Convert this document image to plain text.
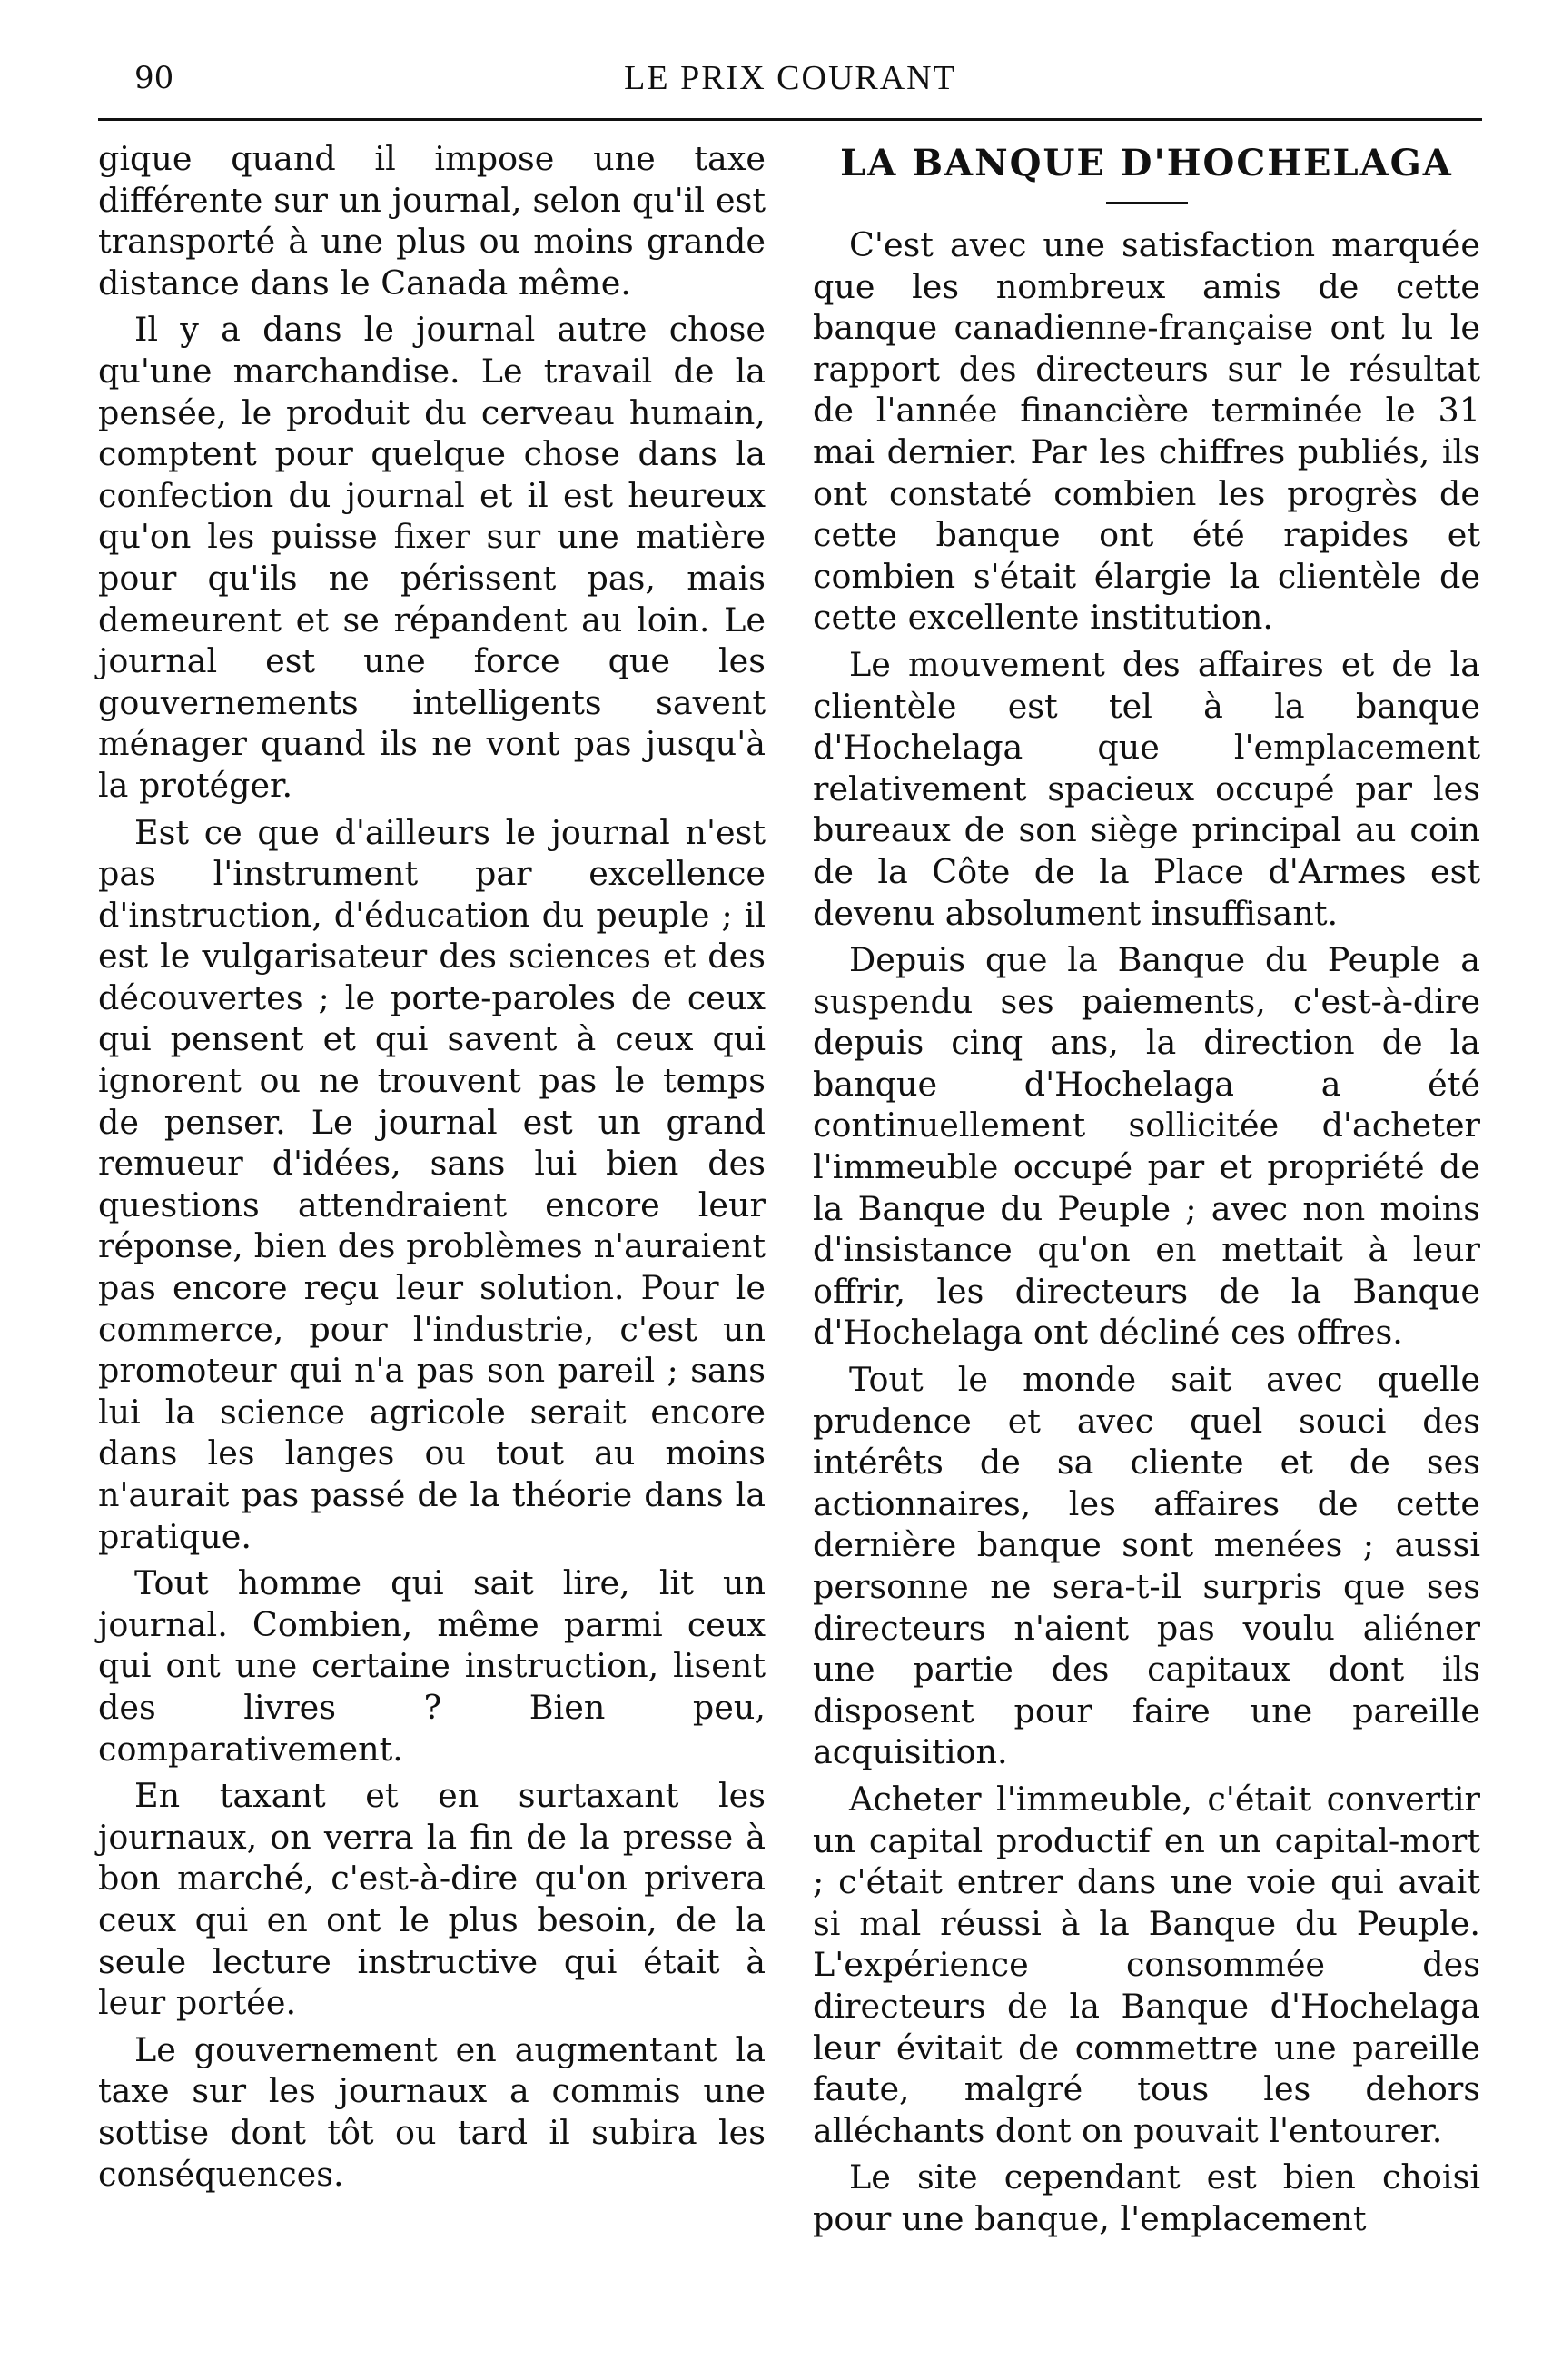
90	LE PRIX COURANT

gique quand il impose une taxe différente sur un journal, selon qu'il est transporté à une plus ou moins grande distance dans le Canada même.

Il y a dans le journal autre chose qu'une marchandise. Le travail de la pensée, le produit du cerveau humain, comptent pour quelque chose dans la confection du journal et il est heureux qu'on les puisse fixer sur une matière pour qu'ils ne périssent pas, mais demeurent et se répandent au loin. Le journal est une force que les gouvernements intelligents savent ménager quand ils ne vont pas jusqu'à la protéger.

Est ce que d'ailleurs le journal n'est pas l'instrument par excellence d'instruction, d'éducation du peuple ; il est le vulgarisateur des sciences et des découvertes ; le porte-paroles de ceux qui pensent et qui savent à ceux qui ignorent ou ne trouvent pas le temps de penser. Le journal est un grand remueur d'idées, sans lui bien des questions attendraient encore leur réponse, bien des problèmes n'auraient pas encore reçu leur solution. Pour le commerce, pour l'industrie, c'est un promoteur qui n'a pas son pareil ; sans lui la science agricole serait encore dans les langes ou tout au moins n'aurait pas passé de la théorie dans la pratique.

Tout homme qui sait lire, lit un journal. Combien, même parmi ceux qui ont une certaine instruction, lisent des livres ? Bien peu, comparativement.

En taxant et en surtaxant les journaux, on verra la fin de la presse à bon marché, c'est-à-dire qu'on privera ceux qui en ont le plus besoin, de la seule lecture instructive qui était à leur portée.

Le gouvernement en augmentant la taxe sur les journaux a commis une sottise dont tôt ou tard il subira les conséquences.

LA BANQUE D'HOCHELAGA

C'est avec une satisfaction marquée que les nombreux amis de cette banque canadienne-française ont lu le rapport des directeurs sur le résultat de l'année financière terminée le 31 mai dernier. Par les chiffres publiés, ils ont constaté combien les progrès de cette banque ont été rapides et combien s'était élargie la clientèle de cette excellente institution.

Le mouvement des affaires et de la clientèle est tel à la banque d'Hochelaga que l'emplacement relativement spacieux occupé par les bureaux de son siège principal au coin de la Côte de la Place d'Armes est devenu absolument insuffisant.

Depuis que la Banque du Peuple a suspendu ses paiements, c'est-à-dire depuis cinq ans, la direction de la banque d'Hochelaga a été continuellement sollicitée d'acheter l'immeuble occupé par et propriété de la Banque du Peuple ; avec non moins d'insistance qu'on en mettait à leur offrir, les directeurs de la Banque d'Hochelaga ont décliné ces offres.

Tout le monde sait avec quelle prudence et avec quel souci des intérêts de sa cliente et de ses actionnaires, les affaires de cette dernière banque sont menées ; aussi personne ne sera-t-il surpris que ses directeurs n'aient pas voulu aliéner une partie des capitaux dont ils disposent pour faire une pareille acquisition.

Acheter l'immeuble, c'était convertir un capital productif en un capital-mort ; c'était entrer dans une voie qui avait si mal réussi à la Banque du Peuple. L'expérience consommée des directeurs de la Banque d'Hochelaga leur évitait de commettre une pareille faute, malgré tous les dehors alléchants dont on pouvait l'entourer.

Le site cependant est bien choisi pour une banque, l'emplacement
